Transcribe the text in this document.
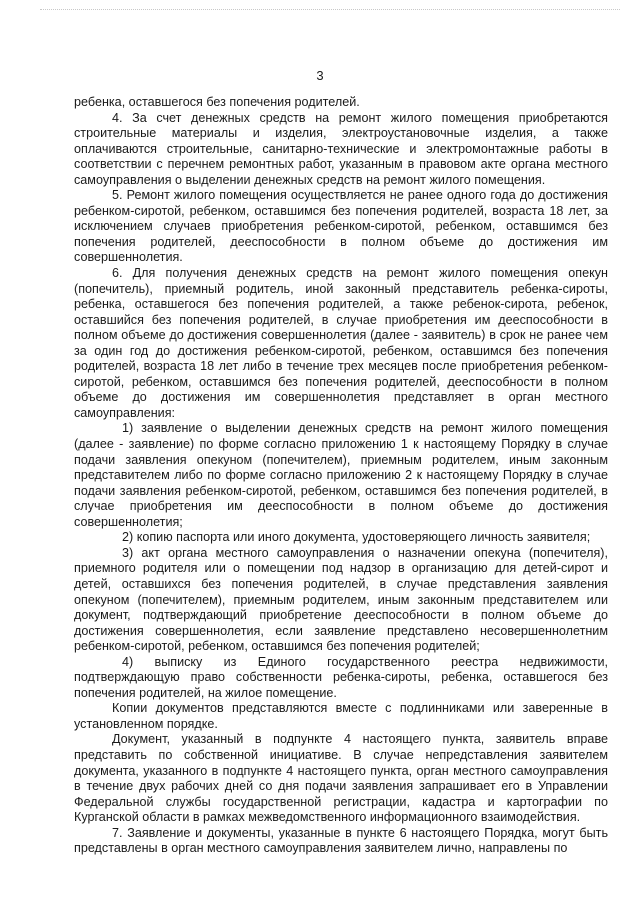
3

ребенка, оставшегося без попечения родителей.

4. За счет денежных средств на ремонт жилого помещения приобретаются строительные материалы и изделия, электроустановочные изделия, а также оплачиваются строительные, санитарно-технические и электромонтажные работы в соответствии с перечнем ремонтных работ, указанным в правовом акте органа местного самоуправления о выделении денежных средств на ремонт жилого помещения.

5. Ремонт жилого помещения осуществляется не ранее одного года до достижения ребенком-сиротой, ребенком, оставшимся без попечения родителей, возраста 18 лет, за исключением случаев приобретения ребенком-сиротой, ребенком, оставшимся без попечения родителей, дееспособности в полном объеме до достижения им совершеннолетия.

6. Для получения денежных средств на ремонт жилого помещения опекун (попечитель), приемный родитель, иной законный представитель ребенка-сироты, ребенка, оставшегося без попечения родителей, а также ребенок-сирота, ребенок, оставшийся без попечения родителей, в случае приобретения им дееспособности в полном объеме до достижения совершеннолетия (далее - заявитель) в срок не ранее чем за один год до достижения ребенком-сиротой, ребенком, оставшимся без попечения родителей, возраста 18 лет либо в течение трех месяцев после приобретения ребенком-сиротой, ребенком, оставшимся без попечения родителей, дееспособности в полном объеме до достижения им совершеннолетия представляет в орган местного самоуправления:

1) заявление о выделении денежных средств на ремонт жилого помещения (далее - заявление) по форме согласно приложению 1 к настоящему Порядку в случае подачи заявления опекуном (попечителем), приемным родителем, иным законным представителем либо по форме согласно приложению 2 к настоящему Порядку в случае подачи заявления ребенком-сиротой, ребенком, оставшимся без попечения родителей, в случае приобретения им дееспособности в полном объеме до достижения совершеннолетия;

2) копию паспорта или иного документа, удостоверяющего личность заявителя;

3) акт органа местного самоуправления о назначении опекуна (попечителя), приемного родителя или о помещении под надзор в организацию для детей-сирот и детей, оставшихся без попечения родителей, в случае представления заявления опекуном (попечителем), приемным родителем, иным законным представителем или документ, подтверждающий приобретение дееспособности в полном объеме до достижения совершеннолетия, если заявление представлено несовершеннолетним ребенком-сиротой, ребенком, оставшимся без попечения родителей;

4) выписку из Единого государственного реестра недвижимости, подтверждающую право собственности ребенка-сироты, ребенка, оставшегося без попечения родителей, на жилое помещение.

Копии документов представляются вместе с подлинниками или заверенные в установленном порядке.

Документ, указанный в подпункте 4 настоящего пункта, заявитель вправе представить по собственной инициативе. В случае непредставления заявителем документа, указанного в подпункте 4 настоящего пункта, орган местного самоуправления в течение двух рабочих дней со дня подачи заявления запрашивает его в Управлении Федеральной службы государственной регистрации, кадастра и картографии по Курганской области в рамках межведомственного информационного взаимодействия.

7. Заявление и документы, указанные в пункте 6 настоящего Порядка, могут быть представлены в орган местного самоуправления заявителем лично, направлены по
